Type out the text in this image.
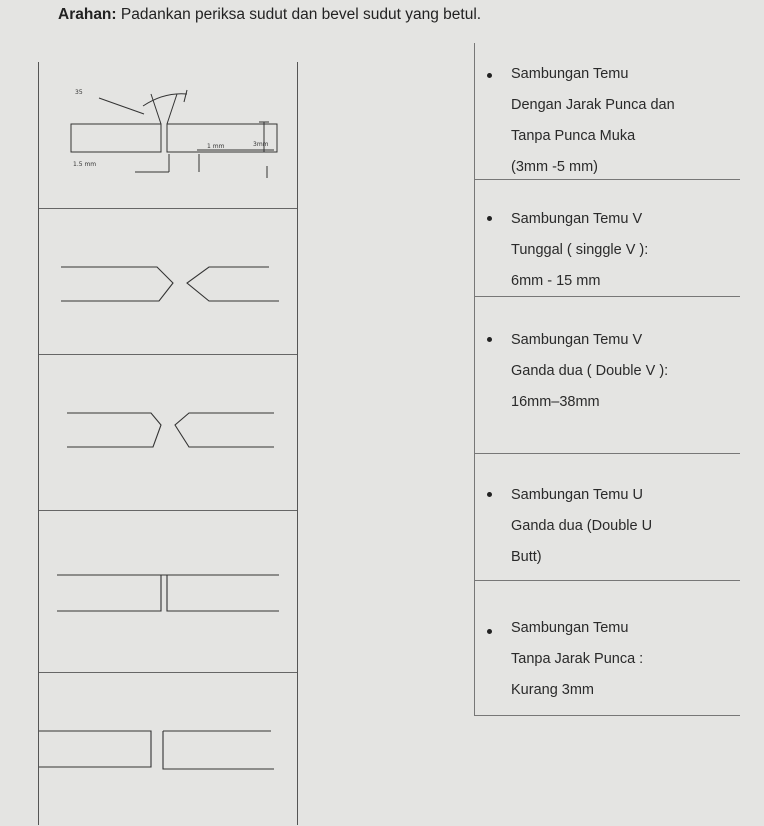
Arahan: Padankan periksa sudut dan bevel sudut yang betul.
35
1 mm	3mm
1.5 mm
Sambungan Temu
Dengan Jarak Punca dan
Tanpa Punca Muka
(3mm -5 mm)
Sambungan Temu V
Tunggal ( singgle V ):
6mm - 15 mm
Sambungan Temu V
Ganda dua ( Double V ):
16mm–38mm
Sambungan Temu U
Ganda dua (Double U
Butt)
Sambungan Temu
Tanpa Jarak Punca :
Kurang 3mm
